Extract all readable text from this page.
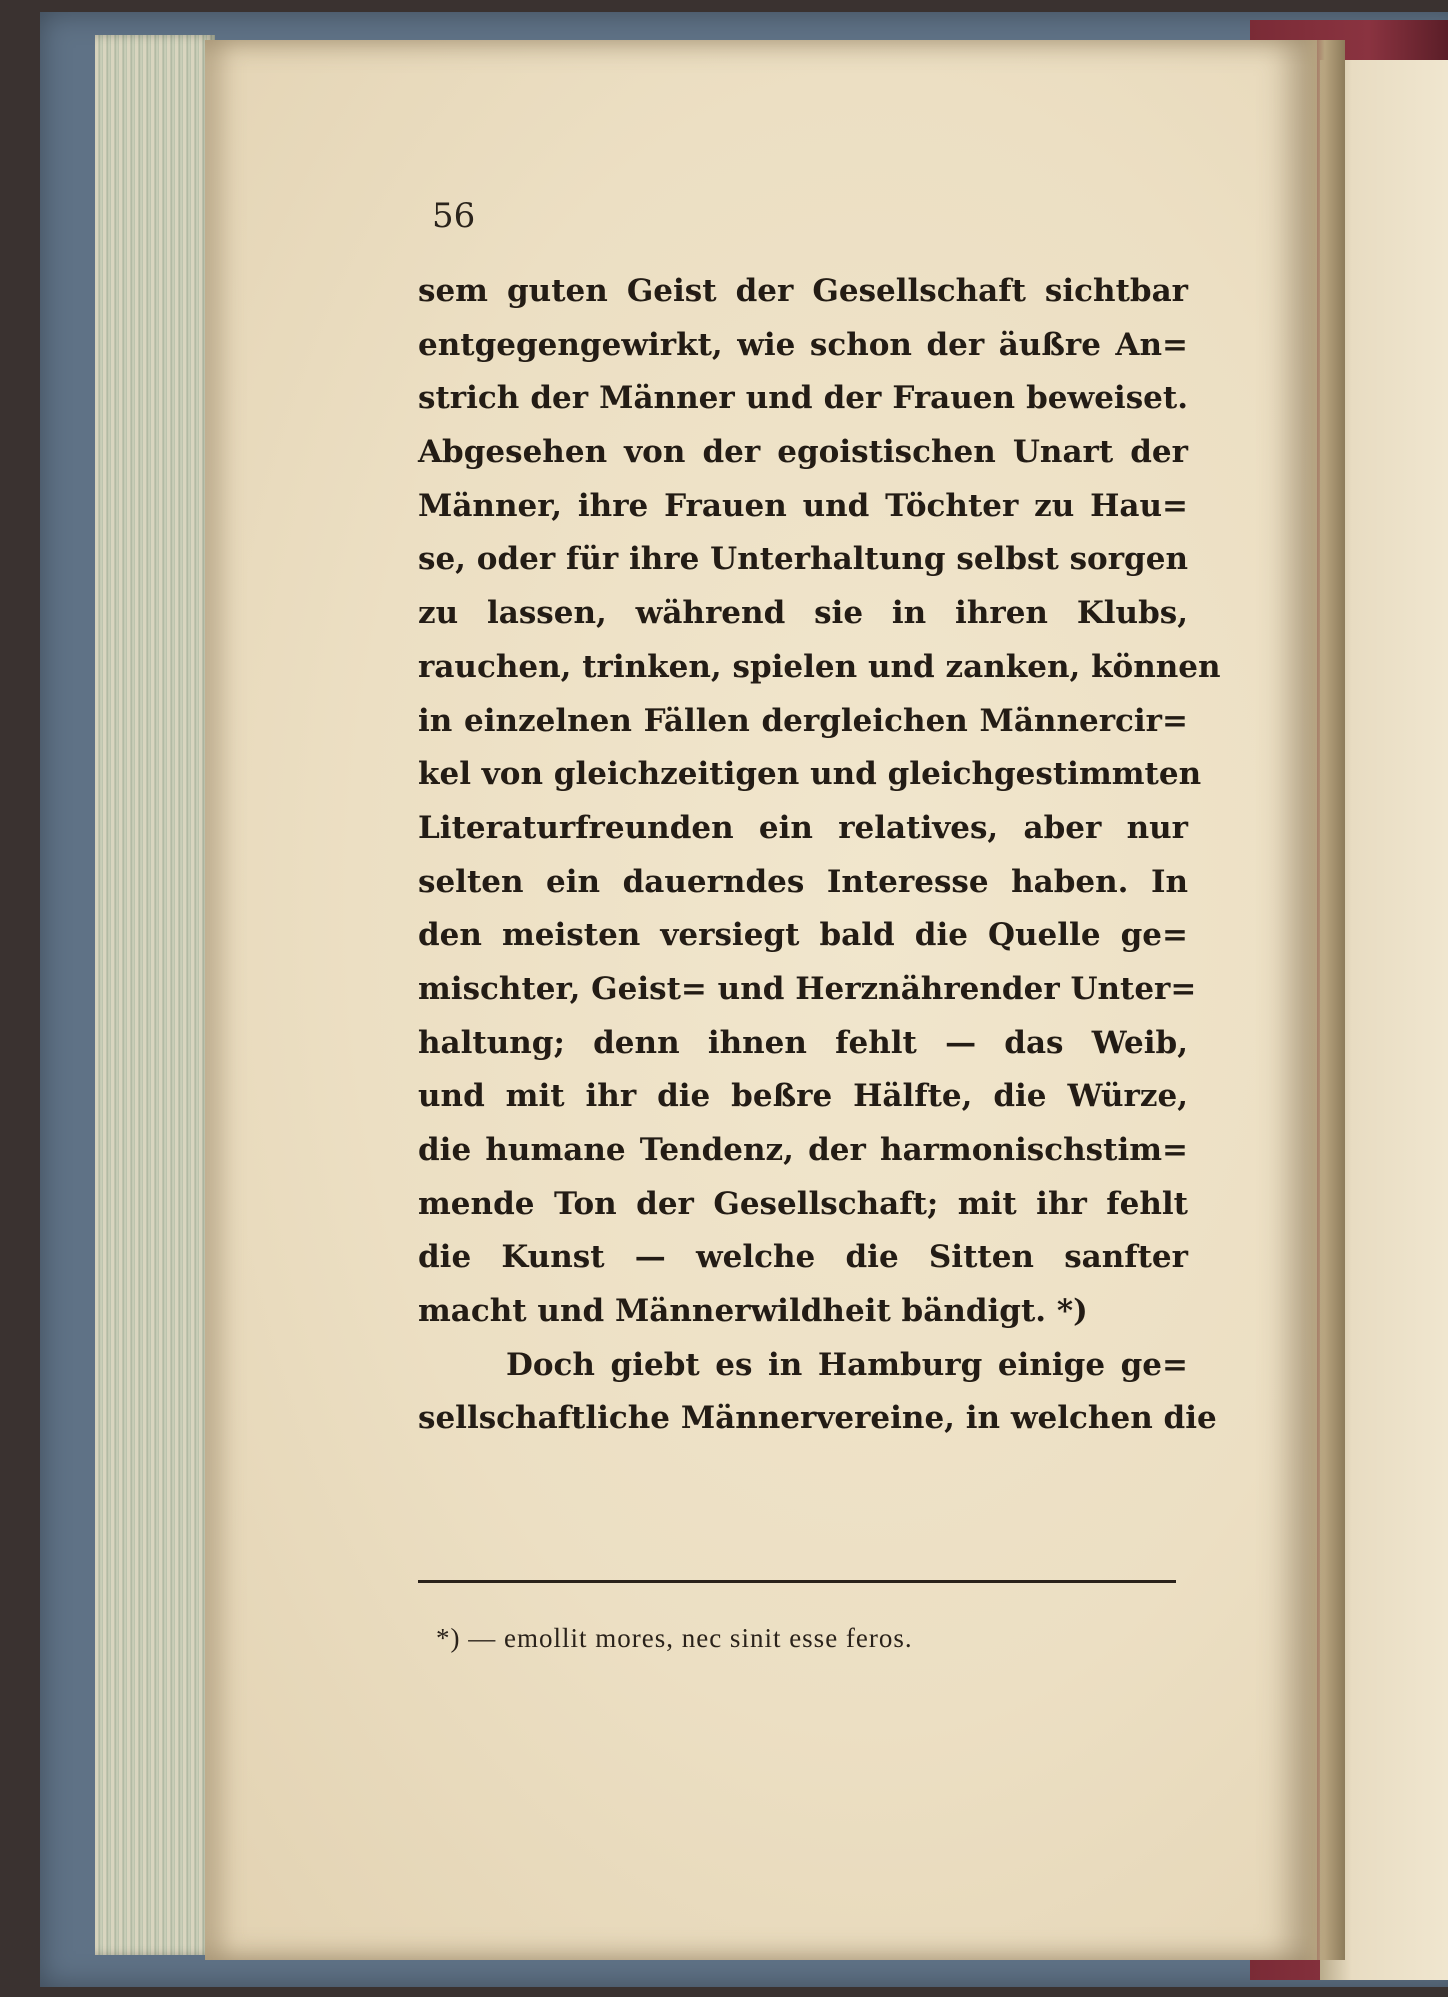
56
sem guten Geist der Gesellschaft sichtbar
entgegengewirkt, wie schon der äußre An=
strich der Männer und der Frauen beweiset.
Abgesehen von der egoistischen Unart der
Männer, ihre Frauen und Töchter zu Hau=
se, oder für ihre Unterhaltung selbst sorgen
zu lassen, während sie in ihren Klubs,
rauchen, trinken, spielen und zanken, können
in einzelnen Fällen dergleichen Männercir=
kel von gleichzeitigen und gleichgestimmten
Literaturfreunden ein relatives, aber nur
selten ein dauerndes Interesse haben. In
den meisten versiegt bald die Quelle ge=
mischter, Geist= und Herznährender Unter=
haltung; denn ihnen fehlt — das Weib,
und mit ihr die beßre Hälfte, die Würze,
die humane Tendenz, der harmonischstim=
mende Ton der Gesellschaft; mit ihr fehlt
die Kunst — welche die Sitten sanfter
macht und Männerwildheit bändigt. *)
Doch giebt es in Hamburg einige ge=
sellschaftliche Männervereine, in welchen die
*) — emollit mores, nec sinit esse feros.
